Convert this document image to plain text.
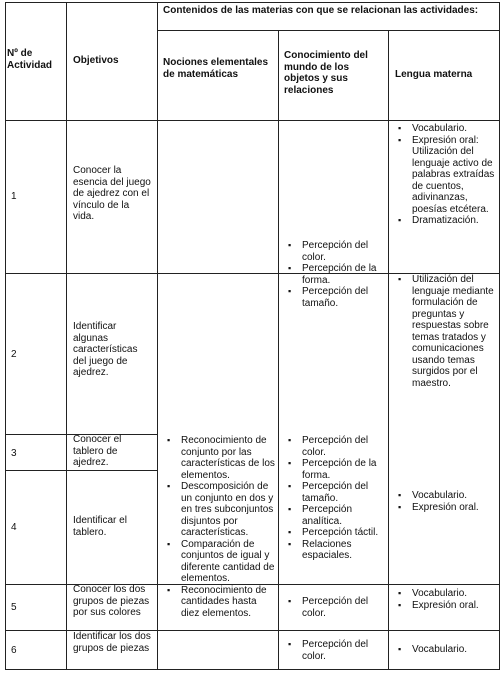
Nº de Actividad	Objetivos
Contenidos de las materias con que se relacionan las actividades:
Nociones elementales de matemáticas
Conocimiento del mundo de los objetos y sus relaciones
Lengua materna
1
2
3
4
5
6
Conocer la esencia del juego de ajedrez con el vínculo de la vida.
Identificar algunas características del juego de ajedrez.
Conocer el tablero de ajedrez.
Identificar el tablero.
Conocer los dos grupos de piezas por sus colores
Identificar los dos grupos de piezas
▪ Reconocimiento de conjunto por las características de los elementos.
▪ Descomposición de un conjunto en dos y en tres subconjuntos disjuntos por características.
▪ Comparación de conjuntos de igual y diferente cantidad de elementos.
▪ Reconocimiento de cantidades hasta diez elementos.
▪ Percepción del color.
▪ Percepción de la forma.
▪ Percepción del tamaño.
▪ Percepción del color.
▪ Percepción de la forma.
▪ Percepción del tamaño.
▪ Percepción analítica.
▪ Percepción táctil.
▪ Relaciones espaciales.
▪ Percepción del color.
▪ Percepción del color.
▪ Vocabulario.
▪ Expresión oral: Utilización del lenguaje activo de palabras extraídas de cuentos, adivinanzas, poesías etcétera.
▪ Dramatización.
▪ Utilización del lenguaje mediante formulación de preguntas y respuestas sobre temas tratados y comunicaciones usando temas surgidos por el maestro.
▪ Vocabulario.
▪ Expresión oral.
▪ Vocabulario.
▪ Expresión oral.
▪ Vocabulario.
